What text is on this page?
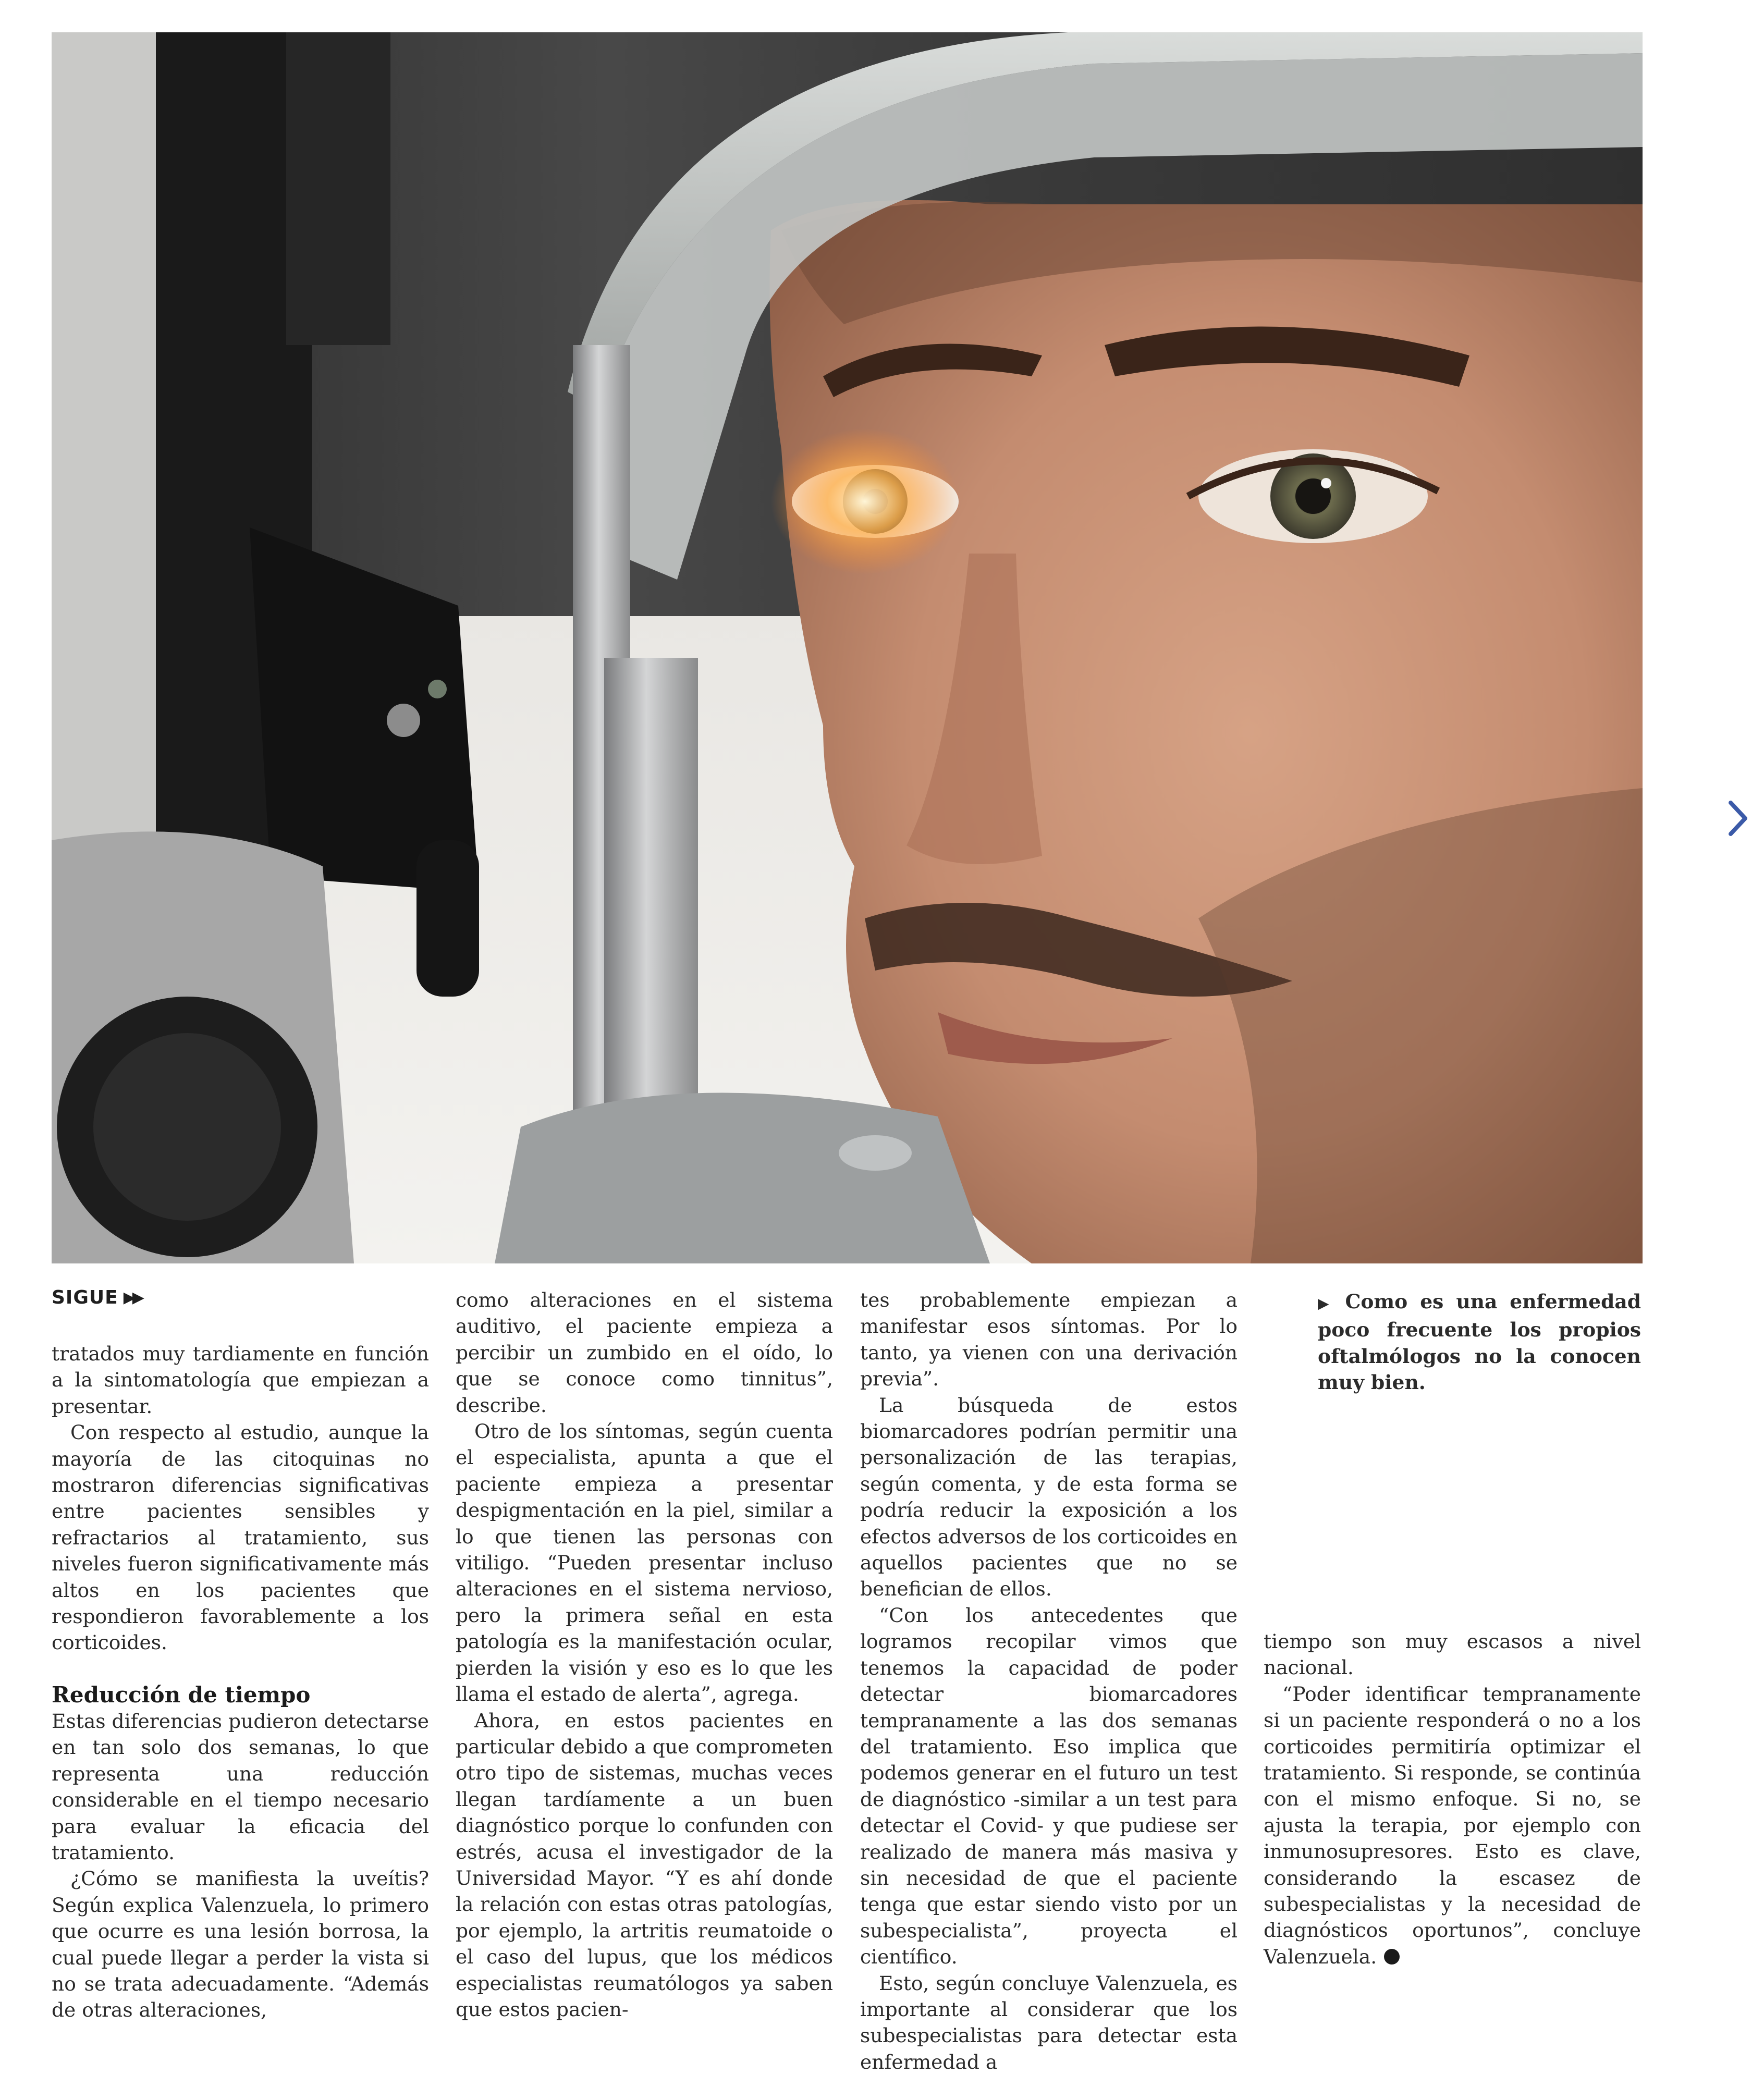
SIGUE ▶▶

tratados muy tardiamente en función a la sintomatología que empiezan a presentar.

Con respecto al estudio, aunque la mayoría de las citoquinas no mostraron diferencias significativas entre pacientes sensibles y refractarios al tratamiento, sus niveles fueron significativamente más altos en los pacientes que respondieron favorablemente a los corticoides.

Reducción de tiempo

Estas diferencias pudieron detectarse en tan solo dos semanas, lo que representa una reducción considerable en el tiempo necesario para evaluar la eficacia del tratamiento.

¿Cómo se manifiesta la uveítis? Según explica Valenzuela, lo primero que ocurre es una lesión borrosa, la cual puede llegar a perder la vista si no se trata adecuadamente. “Además de otras alteraciones,

como alteraciones en el sistema auditivo, el paciente empieza a percibir un zumbido en el oído, lo que se conoce como tinnitus”, describe.

Otro de los síntomas, según cuenta el especialista, apunta a que el paciente empieza a presentar despigmentación en la piel, similar a lo que tienen las personas con vitiligo. “Pueden presentar incluso alteraciones en el sistema nervioso, pero la primera señal en esta patología es la manifestación ocular, pierden la visión y eso es lo que les llama el estado de alerta”, agrega.

Ahora, en estos pacientes en particular debido a que comprometen otro tipo de sistemas, muchas veces llegan tardíamente a un buen diagnóstico porque lo confunden con estrés, acusa el investigador de la Universidad Mayor. “Y es ahí donde la relación con estas otras patologías, por ejemplo, la artritis reumatoide o el caso del lupus, que los médicos especialistas reumatólogos ya saben que estos pacien-

tes probablemente empiezan a manifestar esos síntomas. Por lo tanto, ya vienen con una derivación previa”.

La búsqueda de estos biomarcadores podrían permitir una personalización de las terapias, según comenta, y de esta forma se podría reducir la exposición a los efectos adversos de los corticoides en aquellos pacientes que no se benefician de ellos.

“Con los antecedentes que logramos recopilar vimos que tenemos la capacidad de poder detectar biomarcadores tempranamente a las dos semanas del tratamiento. Eso implica que podemos generar en el futuro un test de diagnóstico -similar a un test para detectar el Covid- y que pudiese ser realizado de manera más masiva y sin necesidad de que el paciente tenga que estar siendo visto por un subespecialista”, proyecta el científico.

Esto, según concluye Valenzuela, es importante al considerar que los subespecialistas para detectar esta enfermedad a

▶ Como es una enfermedad poco frecuente los propios oftalmólogos no la conocen muy bien.

tiempo son muy escasos a nivel nacional.

“Poder identificar tempranamente si un paciente responderá o no a los corticoides permitiría optimizar el tratamiento. Si responde, se continúa con el mismo enfoque. Si no, se ajusta la terapia, por ejemplo con inmunosupresores. Esto es clave, considerando la escasez de subespecialistas y la necesidad de diagnósticos oportunos”, concluye Valenzuela.
